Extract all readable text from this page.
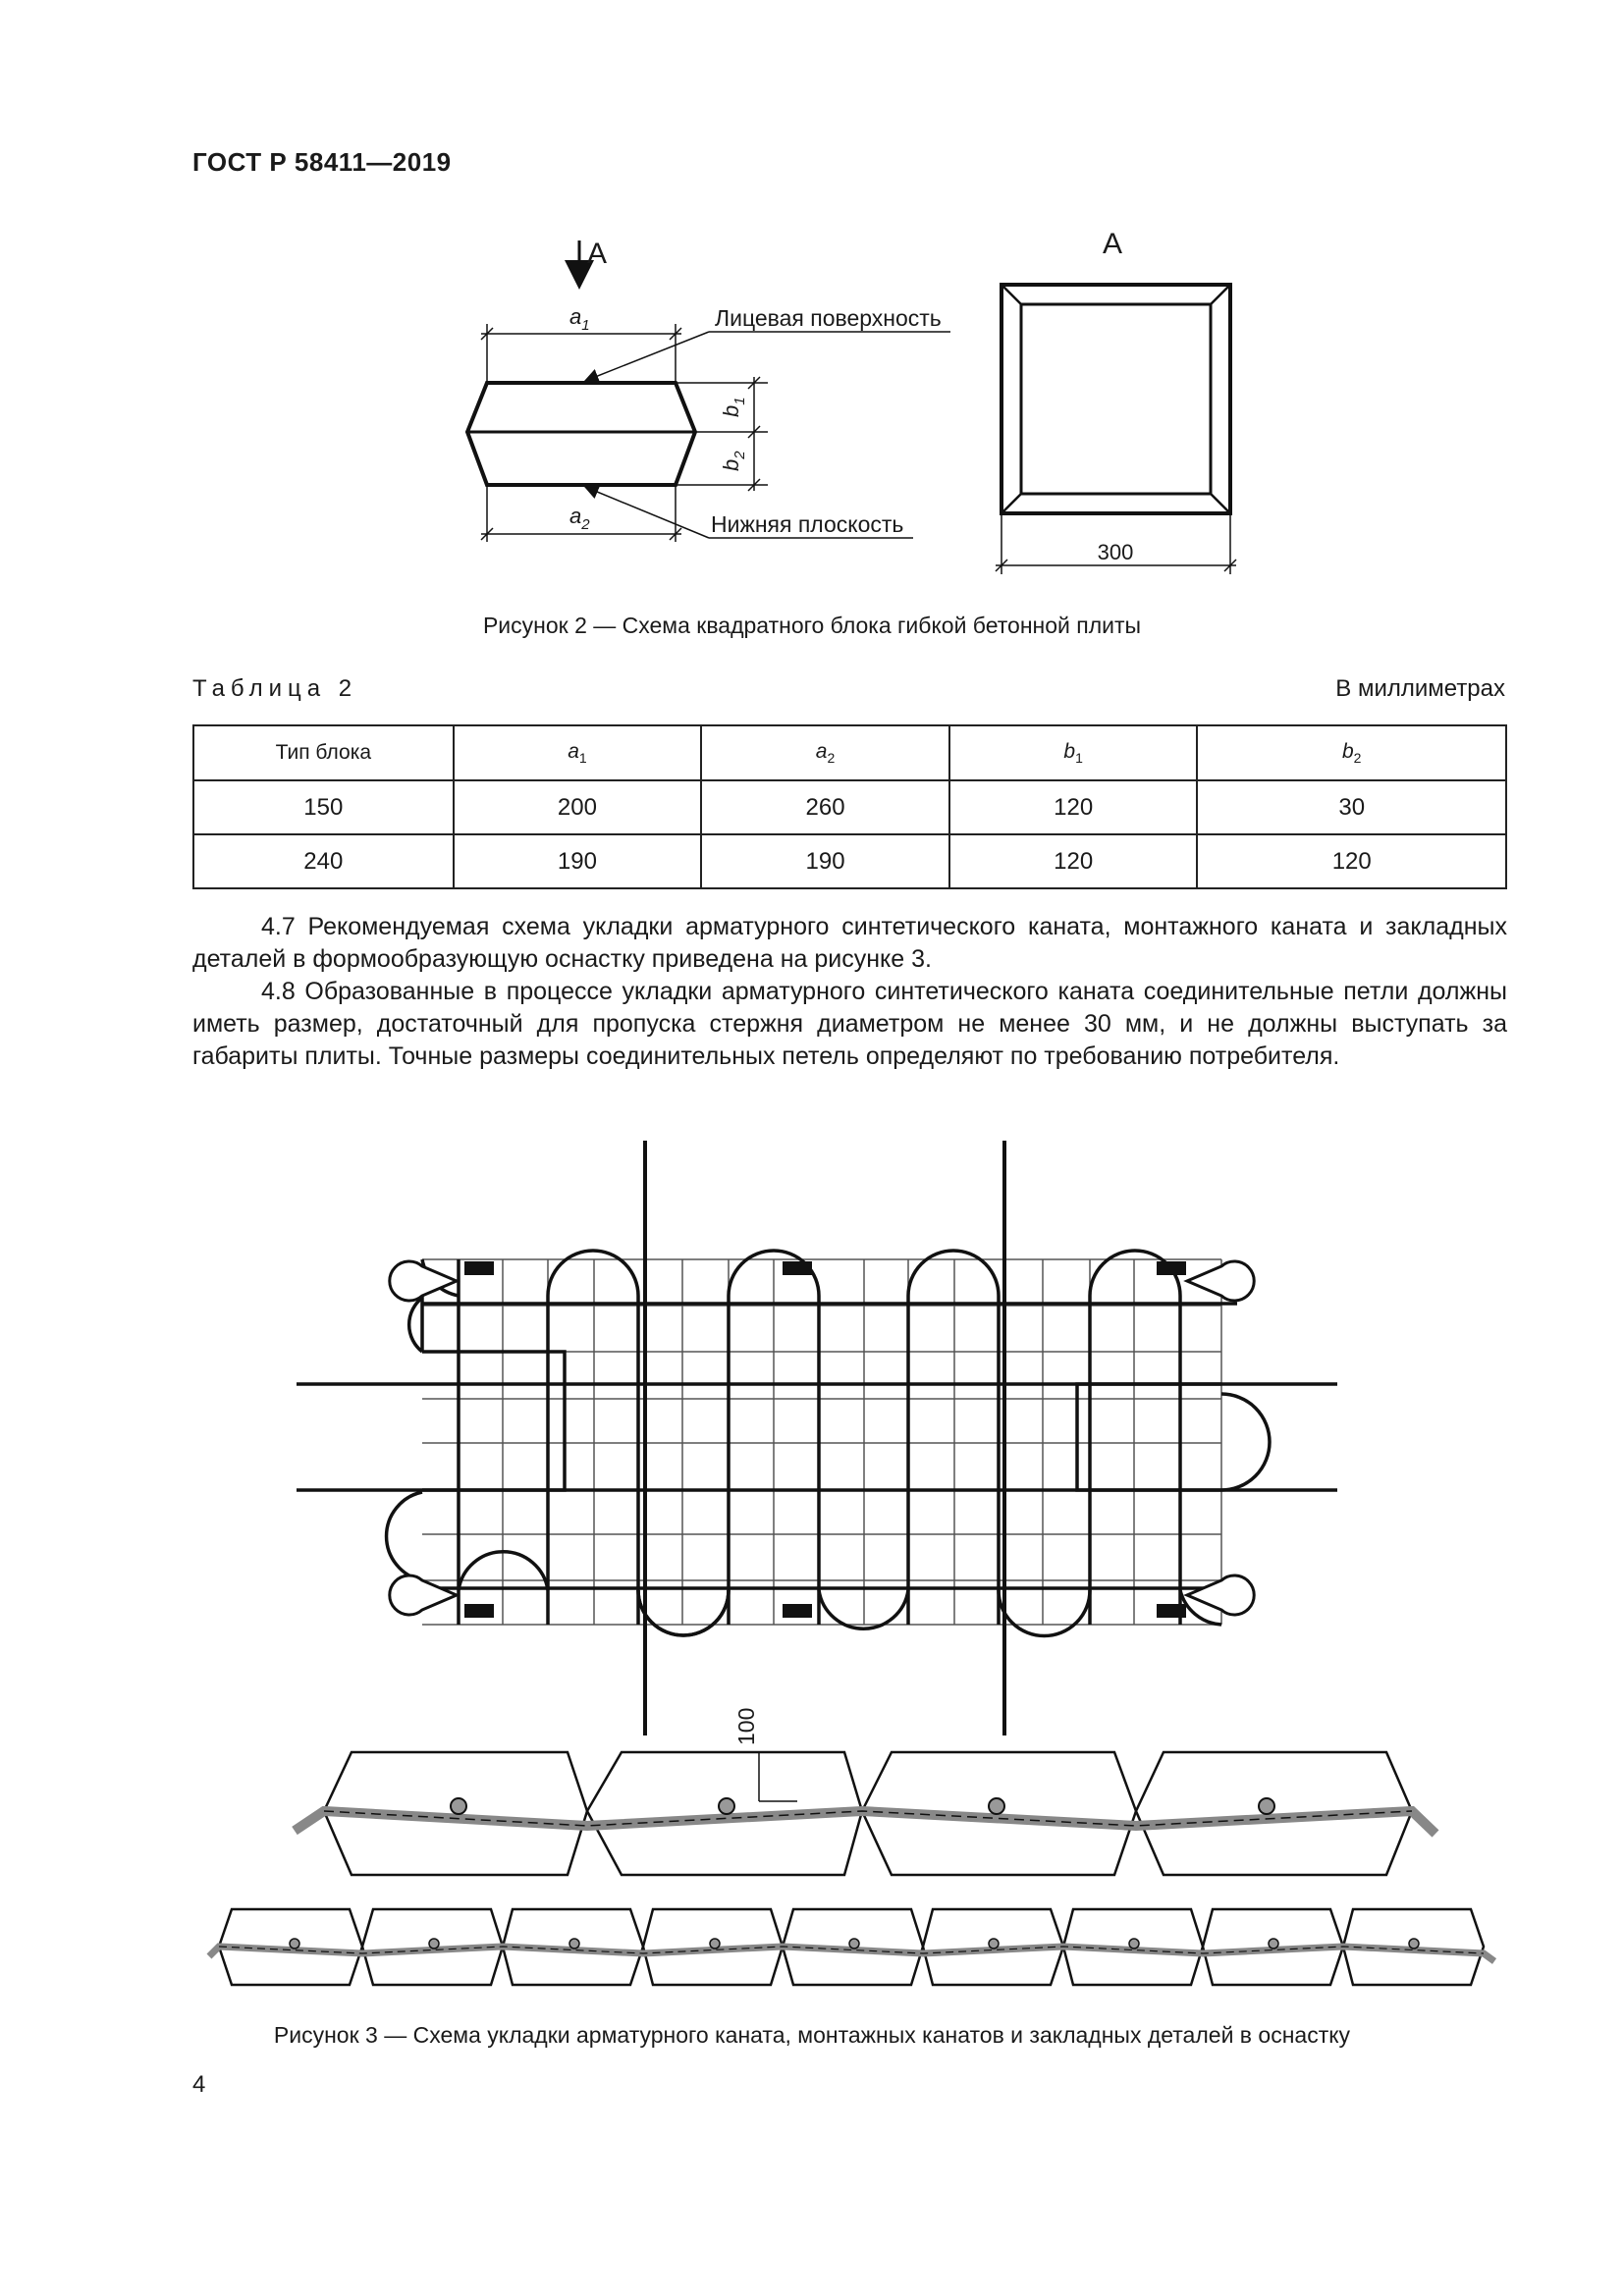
ГОСТ Р 58411—2019
А
$a_1$
$a_2$
$b_1$
$b_2$
Лицевая поверхность
Нижняя плоскость
А
300
Рисунок 2 — Схема квадратного блока гибкой бетонной плиты
Таблица 2	В миллиметрах
Тип блока	$a_1$	$a_2$	$b_1$	$b_2$
150	200	260	120	30
240	190	190	120	120

4.7 Рекомендуемая схема укладки арматурного синтетического каната, монтажного каната и закладных деталей в формообразующую оснастку приведена на рисунке 3.

4.8 Образованные в процессе укладки арматурного синтетического каната соединительные петли должны иметь размер, достаточный для пропуска стержня диаметром не менее 30 мм, и не должны выступать за габариты плиты. Точные размеры соединительных петель определяют по требованию потребителя.

100
Рисунок 3 — Схема укладки арматурного каната, монтажных канатов и закладных деталей в оснастку
4
